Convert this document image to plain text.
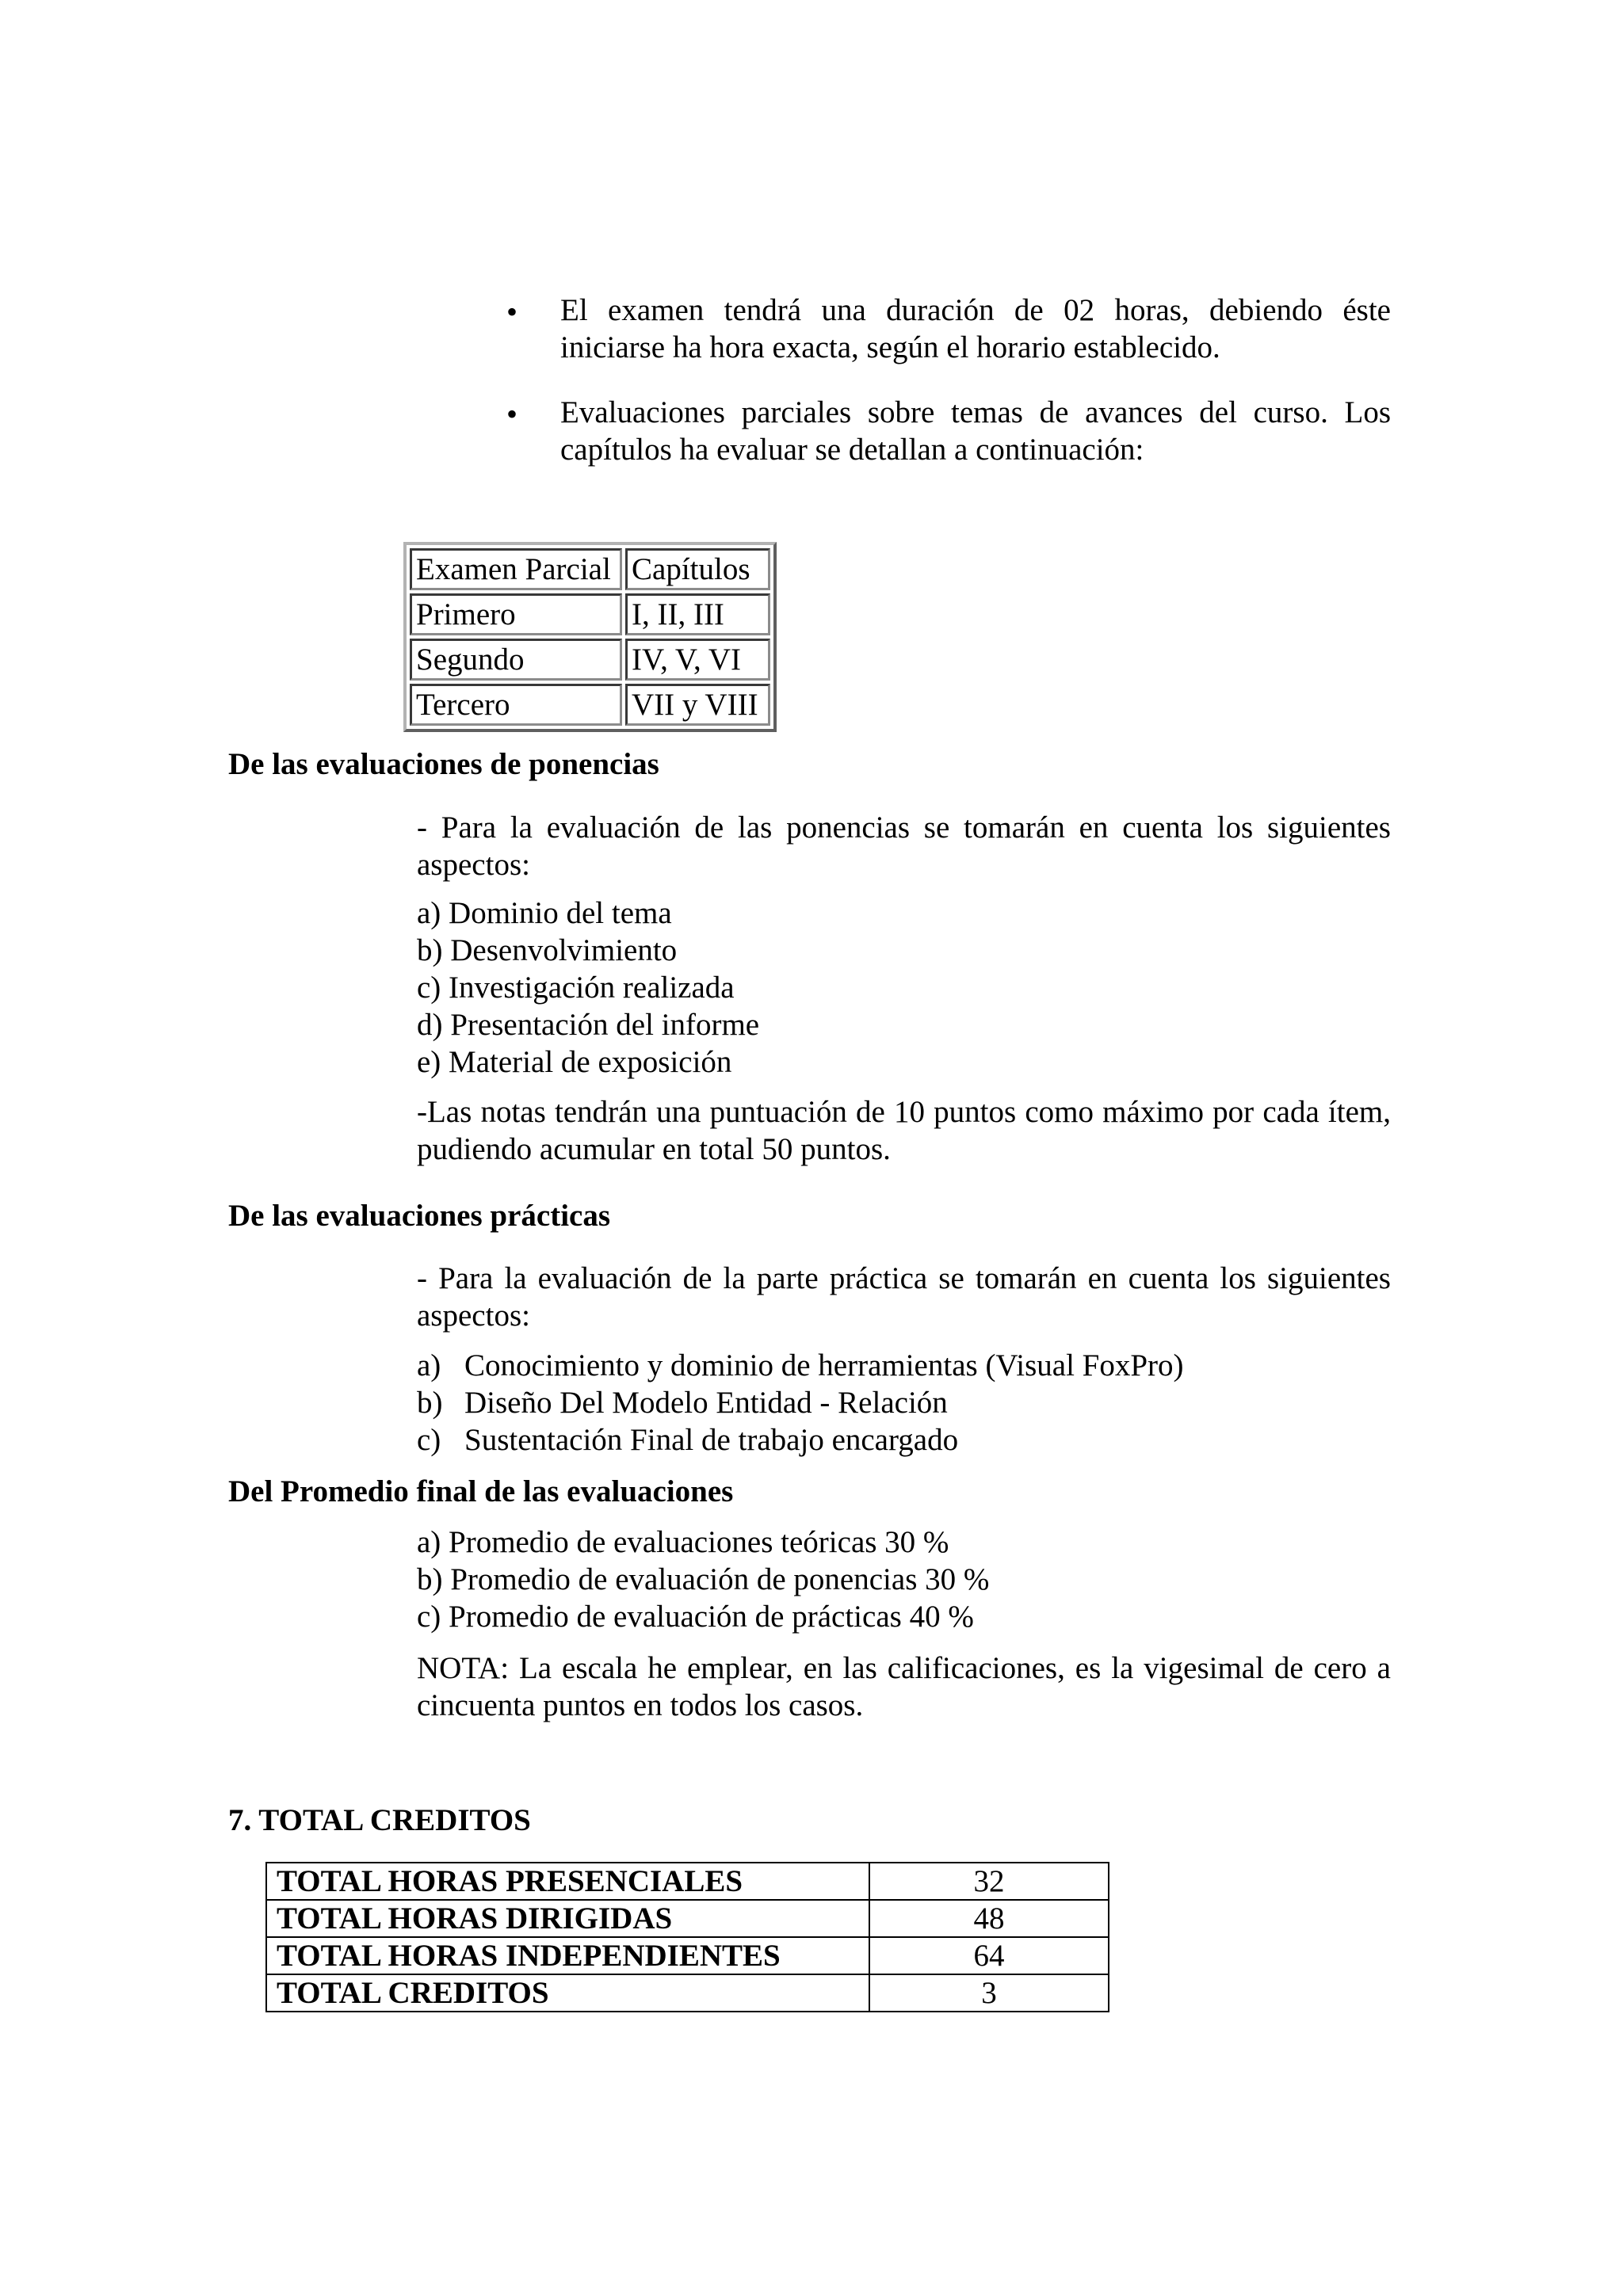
• El examen tendrá una duración de 02 horas, debiendo éste iniciarse ha hora exacta, según el horario establecido.
• Evaluaciones parciales sobre temas de avances del curso. Los capítulos ha evaluar se detallan a continuación:
Examen Parcial	Capítulos
Primero	I, II, III
Segundo	IV, V, VI
Tercero	VII y VIII
De las evaluaciones de ponencias
- Para la evaluación de las ponencias se tomarán en cuenta los siguientes aspectos:
a) Dominio del tema
b) Desenvolvimiento
c) Investigación realizada
d) Presentación del informe
e) Material de exposición
-Las notas tendrán una puntuación de 10 puntos como máximo por cada ítem, pudiendo acumular en total 50 puntos.
De las evaluaciones prácticas
- Para la evaluación de la parte práctica se tomarán en cuenta los siguientes aspectos:
a) Conocimiento y dominio de herramientas (Visual FoxPro)
b) Diseño Del Modelo Entidad - Relación
c) Sustentación Final de trabajo encargado
Del Promedio final de las evaluaciones
a) Promedio de evaluaciones teóricas 30 %
b) Promedio de evaluación de ponencias 30 %
c) Promedio de evaluación de prácticas 40 %
NOTA: La escala he emplear, en las calificaciones, es la vigesimal de cero a cincuenta puntos en todos los casos.
7. TOTAL CREDITOS
TOTAL HORAS PRESENCIALES	32
TOTAL HORAS DIRIGIDAS	48
TOTAL HORAS INDEPENDIENTES	64
TOTAL CREDITOS	3
